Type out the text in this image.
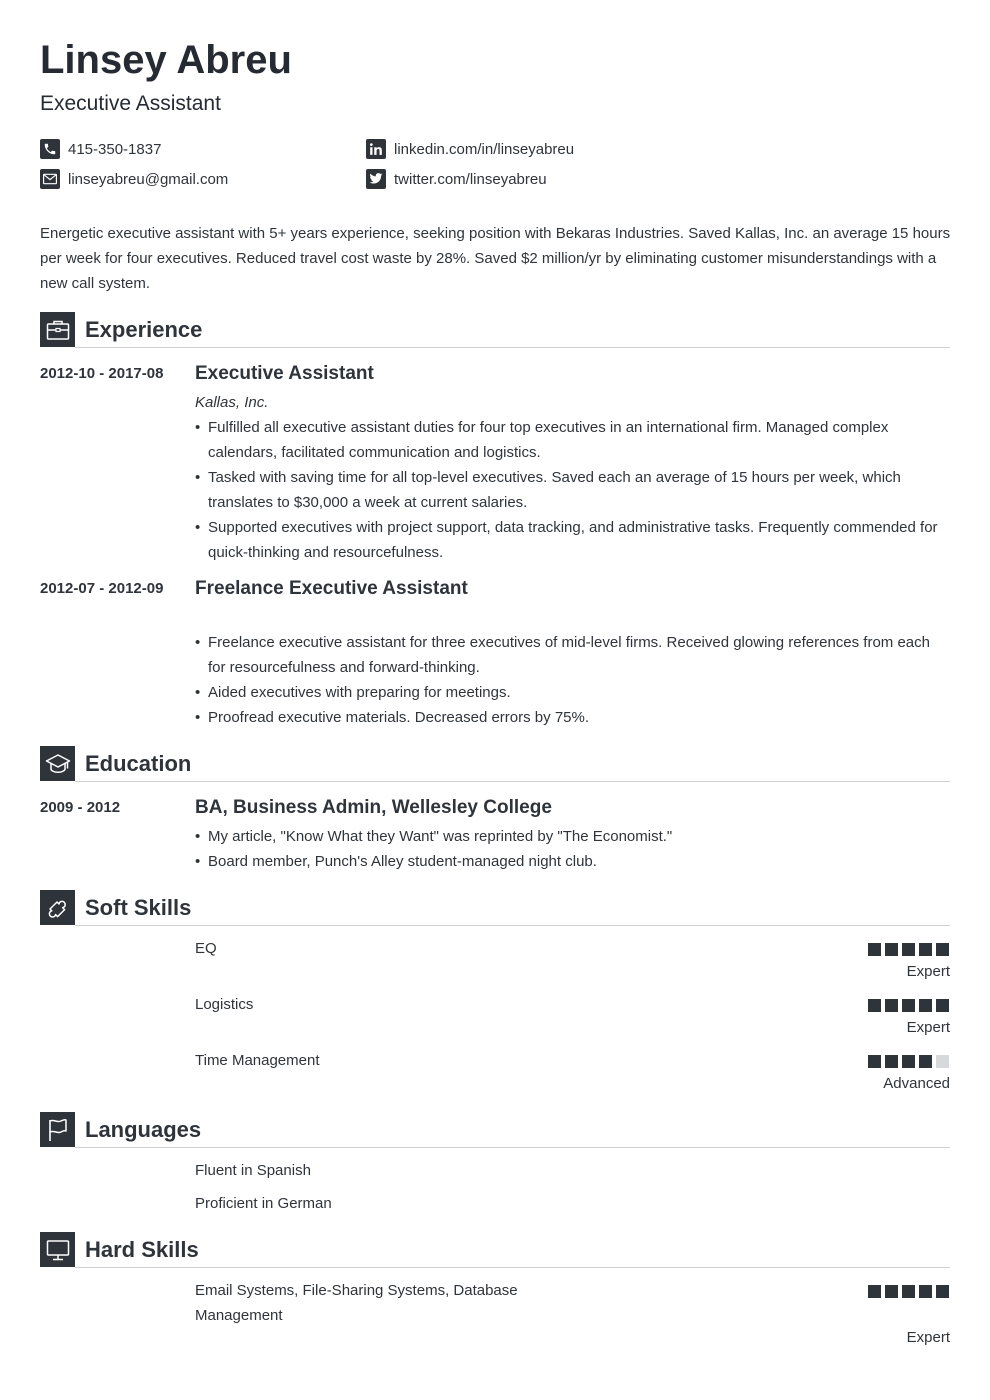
Linsey Abreu
Executive Assistant
415-350-1837
linseyabreu@gmail.com
linkedin.com/in/linseyabreu
twitter.com/linseyabreu

Energetic executive assistant with 5+ years experience, seeking position with Bekaras Industries. Saved Kallas, Inc. an average 15 hours per week for four executives. Reduced travel cost waste by 28%. Saved $2 million/yr by eliminating customer misunderstandings with a new call system.

Experience
2012-10 - 2017-08 Executive Assistant
Kallas, Inc.
• Fulfilled all executive assistant duties for four top executives in an international firm. Managed complex calendars, facilitated communication and logistics.
• Tasked with saving time for all top-level executives. Saved each an average of 15 hours per week, which translates to $30,000 a week at current salaries.
• Supported executives with project support, data tracking, and administrative tasks. Frequently commended for quick-thinking and resourcefulness.
2012-07 - 2012-09 Freelance Executive Assistant
• Freelance executive assistant for three executives of mid-level firms. Received glowing references from each for resourcefulness and forward-thinking.
• Aided executives with preparing for meetings.
• Proofread executive materials. Decreased errors by 75%.
Education
2009 - 2012	BA, Business Admin, Wellesley College
• My article, "Know What they Want" was reprinted by "The Economist."
• Board member, Punch's Alley student-managed night club.
Soft Skills
EQ
Expert
Logistics
Expert
Time Management
Advanced
Languages
Fluent in Spanish
Proficient in German
Hard Skills
Email Systems, File-Sharing Systems, Database
Management
Expert
